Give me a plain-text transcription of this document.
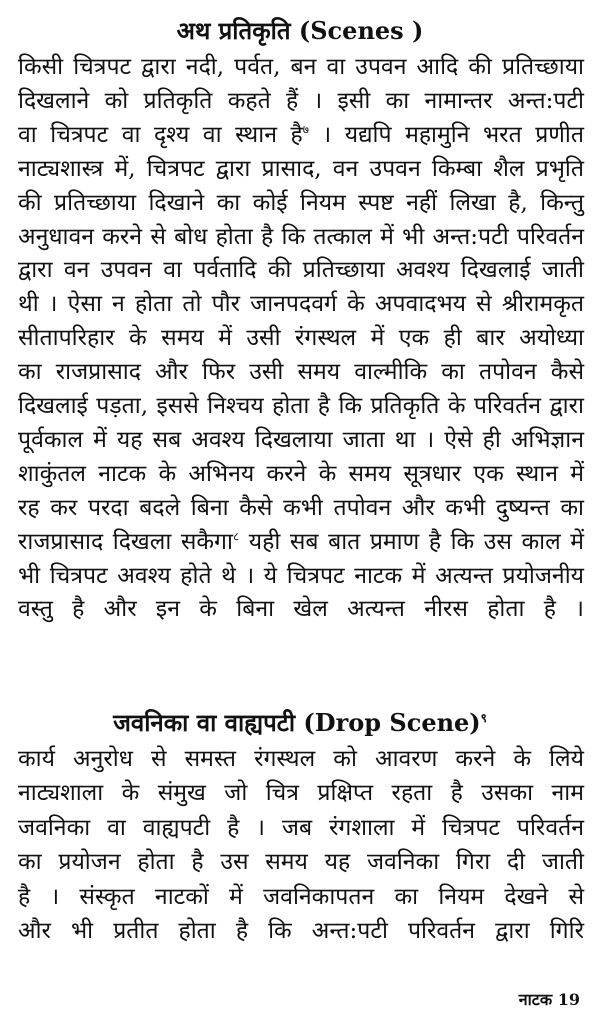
अथ प्रतिकृति (Scenes )
किसी चित्रपट द्वारा नदी, पर्वत, बन वा उपवन आदि की प्रतिच्छाया
दिखलाने को प्रतिकृति कहते हैं । इसी का नामान्तर अन्त:पटी
वा चित्रपट वा दृश्य वा स्थान है$^७$ । यद्यपि महामुनि भरत प्रणीत
नाट्यशास्त्र में, चित्रपट द्वारा प्रासाद, वन उपवन किम्बा शैल प्रभृति
की प्रतिच्छाया दिखाने का कोई नियम स्पष्ट नहीं लिखा है, किन्तु
अनुधावन करने से बोध होता है कि तत्काल में भी अन्त:पटी परिवर्तन
द्वारा वन उपवन वा पर्वतादि की प्रतिच्छाया अवश्य दिखलाई जाती
थी । ऐसा न होता तो पौर जानपदवर्ग के अपवादभय से श्रीरामकृत
सीतापरिहार के समय में उसी रंगस्थल में एक ही बार अयोध्या
का राजप्रासाद और फिर उसी समय वाल्मीकि का तपोवन कैसे
दिखलाई पड़ता, इससे निश्चय होता है कि प्रतिकृति के परिवर्तन द्वारा
पूर्वकाल में यह सब अवश्य दिखलाया जाता था । ऐसे ही अभिज्ञान
शाकुंतल नाटक के अभिनय करने के समय सूत्रधार एक स्थान में
रह कर परदा बदले बिना कैसे कभी तपोवन और कभी दुष्यन्त का
राजप्रासाद दिखला सकैगा$^८$ यही सब बात प्रमाण है कि उस काल में
भी चित्रपट अवश्य होते थे । ये चित्रपट नाटक में अत्यन्त प्रयोजनीय
वस्तु है और इन के बिना खेल अत्यन्त नीरस होता है ।
जवनिका वा वाह्यपटी (Drop Scene)$^९$
कार्य अनुरोध से समस्त रंगस्थल को आवरण करने के लिये
नाट्यशाला के संमुख जो चित्र प्रक्षिप्त रहता है उसका नाम
जवनिका वा वाह्यपटी है । जब रंगशाला में चित्रपट परिवर्तन
का प्रयोजन होता है उस समय यह जवनिका गिरा दी जाती
है । संस्कृत नाटकों में जवनिकापतन का नियम देखने से
और भी प्रतीत होता है कि अन्त:पटी परिवर्तन द्वारा गिरि
नाटक 19
